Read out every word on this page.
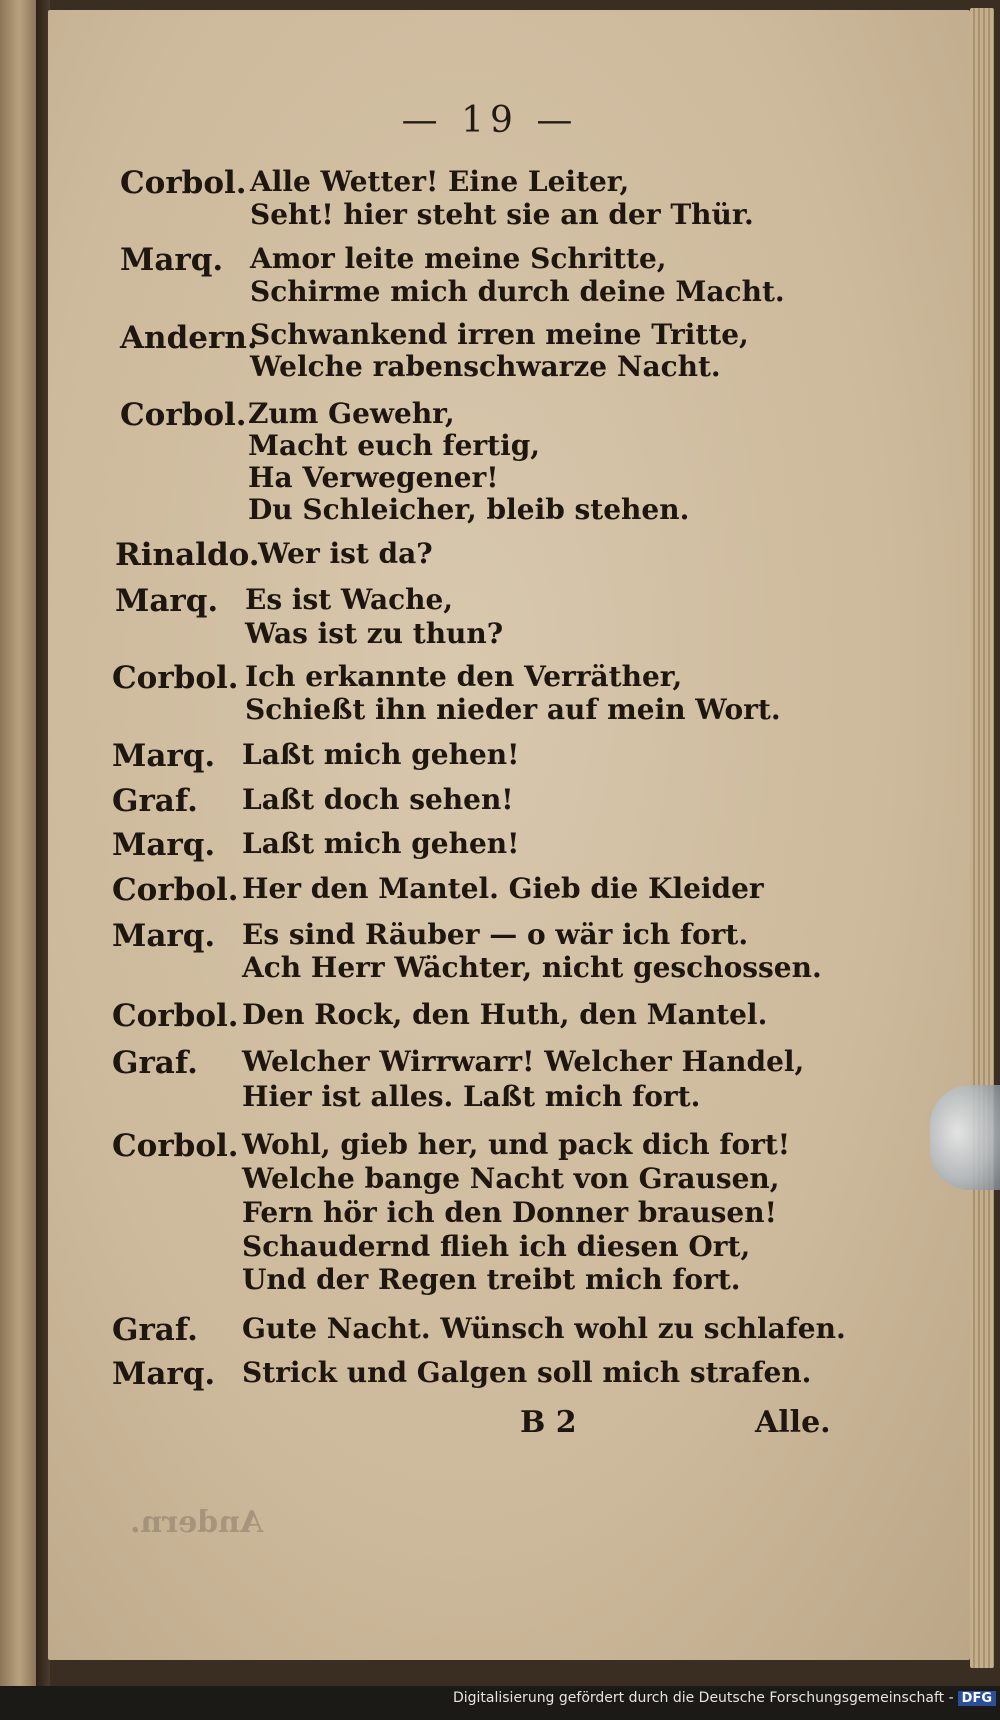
— 19 —
Corbol. Alle Wetter! Eine Leiter,
Seht! hier steht sie an der Thür.
Marq. Amor leite meine Schritte,
Schirme mich durch deine Macht.
Andern.
Schwankend irren meine Tritte,
Welche rabenschwarze Nacht.
Corbol. Zum Gewehr,
Macht euch fertig,
Ha Verwegener!
Du Schleicher, bleib stehen.
Rinaldo.
Wer ist da?
Marq. Es ist Wache,
Was ist zu thun?
Corbol. Ich erkannte den Verräther,
Schießt ihn nieder auf mein Wort.
Marq. Laßt mich gehen!
Graf. Laßt doch sehen!
Marq. Laßt mich gehen!
Corbol. Her den Mantel. Gieb die Kleider
Marq. Es sind Räuber — o wär ich fort.
Ach Herr Wächter, nicht geschossen.
Corbol. Den Rock, den Huth, den Mantel.
Graf. Welcher Wirrwarr! Welcher Handel,
Hier ist alles. Laßt mich fort.
Corbol. Wohl, gieb her, und pack dich fort!
Welche bange Nacht von Grausen,
Fern hör ich den Donner brausen!
Schaudernd flieh ich diesen Ort,
Und der Regen treibt mich fort.
Graf. Gute Nacht. Wünsch wohl zu schlafen.
Marq. Strick und Galgen soll mich strafen.
B 2	Alle.
Andern.
Digitalisierung gefördert durch die Deutsche Forschungsgemeinschaft - DFG
